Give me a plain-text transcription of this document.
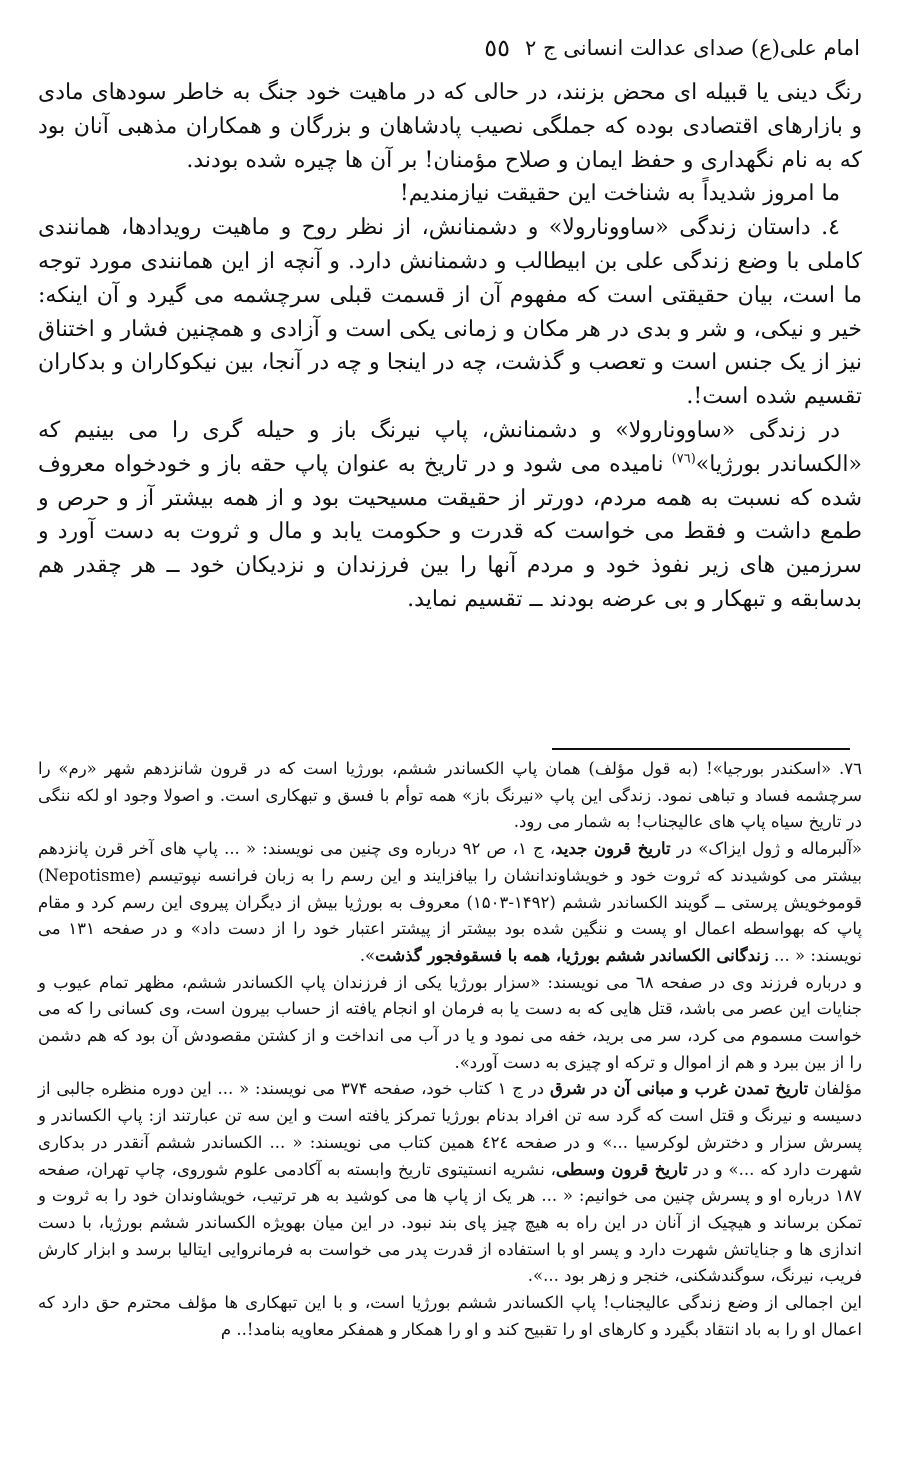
امام علی(ع) صدای عدالت انسانی ج ۲
٥٥

رنگ دینی یا قبیله ای محض بزنند، در حالی که در ماهیت خود جنگ به خاطر سودهای مادی و بازارهای اقتصادی بوده که جملگی نصیب پادشاهان و بزرگان و همکاران مذهبی آنان بود که به نام نگهداری و حفظ ایمان و صلاح مؤمنان! بر آن ها چیره شده بودند.

ما امروز شدیداً به شناخت این حقیقت نیازمندیم!

٤. داستان زندگی «ساوونارولا» و دشمنانش، از نظر روح و ماهیت رویدادها، همانندی کاملی با وضع زندگی علی بن ابیطالب و دشمنانش دارد. و آنچه از این همانندی مورد توجه ما است، بیان حقیقتی است که مفهوم آن از قسمت قبلی سرچشمه می گیرد و آن اینکه: خیر و نیکی، و شر و بدی در هر مکان و زمانی یکی است و آزادی و همچنین فشار و اختناق نیز از یک جنس است و تعصب و گذشت، چه در اینجا و چه در آنجا، بین نیکوکاران و بدکاران تقسیم شده است!.

در زندگی «ساوونارولا» و دشمنانش، پاپ نیرنگ باز و حیله گری را می بینیم که «الکساندر بورژیا»$^{(٧٦)}$ نامیده می شود و در تاریخ به عنوان پاپ حقه باز و خودخواه معروف شده که نسبت به همه مردم، دورتر از حقیقت مسیحیت بود و از همه بیشتر آز و حرص و طمع داشت و فقط می خواست که قدرت و حکومت یابد و مال و ثروت به دست آورد و سرزمین های زیر نفوذ خود و مردم آنها را بین فرزندان و نزدیکان خود ــ هر چقدر هم بدسابقه و تبهکار و بی عرضه بودند ــ تقسیم نماید.

٧٦. «اسکندر بورجیا»! (به قول مؤلف) همان پاپ الکساندر ششم، بورژیا است که در قرون شانزدهم شهر «رم» را سرچشمه فساد و تباهی نمود. زندگی این پاپ «نیرنگ باز» همه توأم با فسق و تبهکاری است. و اصولا وجود او لکه ننگی در تاریخ سیاه پاپ های عالیجناب! به شمار می رود.

«آلبرماله و ژول ایزاک» در تاریخ قرون جدید، ج ۱، ص ۹۲ درباره وی چنین می نویسند: « ... پاپ های آخر قرن پانزدهم بیشتر می کوشیدند که ثروت خود و خویشاوندانشان را بیافزایند و این رسم را به زبان فرانسه نپوتیسم (Nepotisme) قوموخویش پرستی ــ گویند الکساندر ششم (۱۴۹۲-۱۵۰۳) معروف به بورژیا بیش از دیگران پیروی این رسم کرد و مقام پاپ که بهواسطه اعمال او پست و ننگین شده بود بیشتر از پیشتر اعتبار خود را از دست داد» و در صفحه ۱۳۱ می نویسند: « ... زندگانی الکساندر ششم بورژیا، همه با فسقوفجور گذشت».

و درباره فرزند وی در صفحه ٦٨ می نویسند: «سزار بورژیا یکی از فرزندان پاپ الکساندر ششم، مظهر تمام عیوب و جنایات این عصر می باشد، قتل هایی که به دست یا به فرمان او انجام یافته از حساب بیرون است، وی کسانی را که می خواست مسموم می کرد، سر می برید، خفه می نمود و یا در آب می انداخت و از کشتن مقصودش آن بود که هم دشمن را از بین ببرد و هم از اموال و ترکه او چیزی به دست آورد».

مؤلفان تاریخ تمدن غرب و مبانی آن در شرق در ج ۱ کتاب خود، صفحه ۳۷۴ می نویسند: « ... این دوره منظره جالبی از دسیسه و نیرنگ و قتل است که گرد سه تن افراد بدنام بورژیا تمرکز یافته است و این سه تن عبارتند از: پاپ الکساندر و پسرش سزار و دخترش لوکرسیا ...» و در صفحه ٤٢٤ همین کتاب می نویسند: « ... الکساندر ششم آنقدر در بدکاری شهرت دارد که ...» و در تاریخ قرون وسطی، نشریه انستیتوی تاریخ وابسته به آکادمی علوم شوروی، چاپ تهران، صفحه ۱۸۷ درباره او و پسرش چنین می خوانیم: « ... هر یک از پاپ ها می کوشید به هر ترتیب، خویشاوندان خود را به ثروت و تمکن برساند و هیچیک از آنان در این راه به هیچ چیز پای بند نبود. در این میان بهویژه الکساندر ششم بورژیا، با دست اندازی ها و جنایاتش شهرت دارد و پسر او با استفاده از قدرت پدر می خواست به فرمانروایی ایتالیا برسد و ابزار کارش فریب، نیرنگ، سوگندشکنی، خنجر و زهر بود ...».

این اجمالی از وضع زندگی عالیجناب! پاپ الکساندر ششم بورژیا است، و با این تبهکاری ها مؤلف محترم حق دارد که اعمال او را به باد انتقاد بگیرد و کارهای او را تقبیح کند و او را همکار و همفکر معاویه بنامد!.. م
